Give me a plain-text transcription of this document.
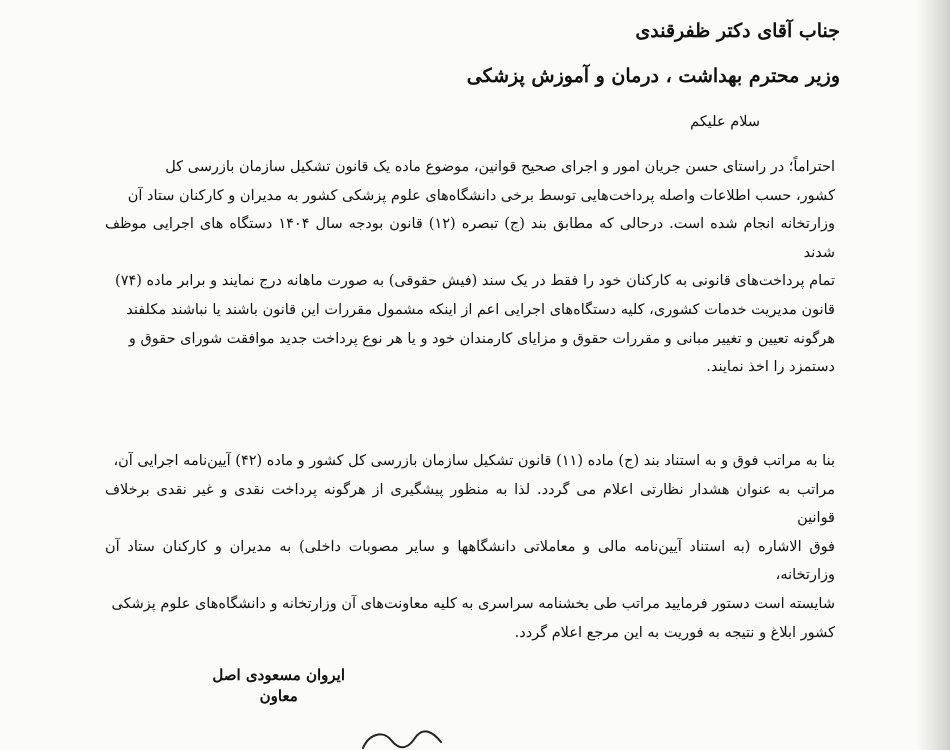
جناب آقای دکتر ظفرقندی
وزیر محترم بهداشت ، درمان و آموزش پزشکی
سلام علیکم
احتراماً؛ در راستای حسن جریان امور و اجرای صحیح قوانین، موضوع ماده یک قانون تشکیل سازمان بازرسی کل
کشور، حسب اطلاعات واصله پرداخت‌هایی توسط برخی دانشگاه‌های علوم پزشکی کشور به مدیران و کارکنان ستاد آن
وزارتخانه انجام شده است. درحالی که مطابق بند (ج) تبصره (۱۲) قانون بودجه سال ۱۴۰۴ دستگاه های اجرایی موظف شدند
تمام پرداخت‌های قانونی به کارکنان خود را فقط در یک سند (فیش حقوقی) به صورت ماهانه درج نمایند و برابر ماده (۷۴)
قانون مدیریت خدمات کشوری، کلیه دستگاه‌های اجرایی اعم از اینکه مشمول مقررات این قانون باشند یا نباشند مکلفند
هرگونه تعیین و تغییر مبانی و مقررات حقوق و مزایای کارمندان خود و یا هر نوع پرداخت جدید موافقت شورای حقوق و
دستمزد را اخذ نمایند.
بنا به مراتب فوق و به استناد بند (ج) ماده (۱۱) قانون تشکیل سازمان بازرسی کل کشور و ماده (۴۲) آیین‌نامه اجرایی آن،
مراتب به عنوان هشدار نظارتی اعلام می گردد. لذا به منظور پیشگیری از هرگونه پرداخت نقدی و غیر نقدی برخلاف قوانین
فوق الاشاره (به استناد آیین‌نامه مالی و معاملاتی دانشگاهها و سایر مصوبات داخلی) به مدیران و کارکنان ستاد آن وزارتخانه،
شایسته است دستور فرمایید مراتب طی بخشنامه سراسری به کلیه معاونت‌های آن وزارتخانه و دانشگاه‌های علوم پزشکی
کشور ابلاغ و نتیجه به فوریت به این مرجع اعلام گردد.
ایروان مسعودی اصل
معاون
